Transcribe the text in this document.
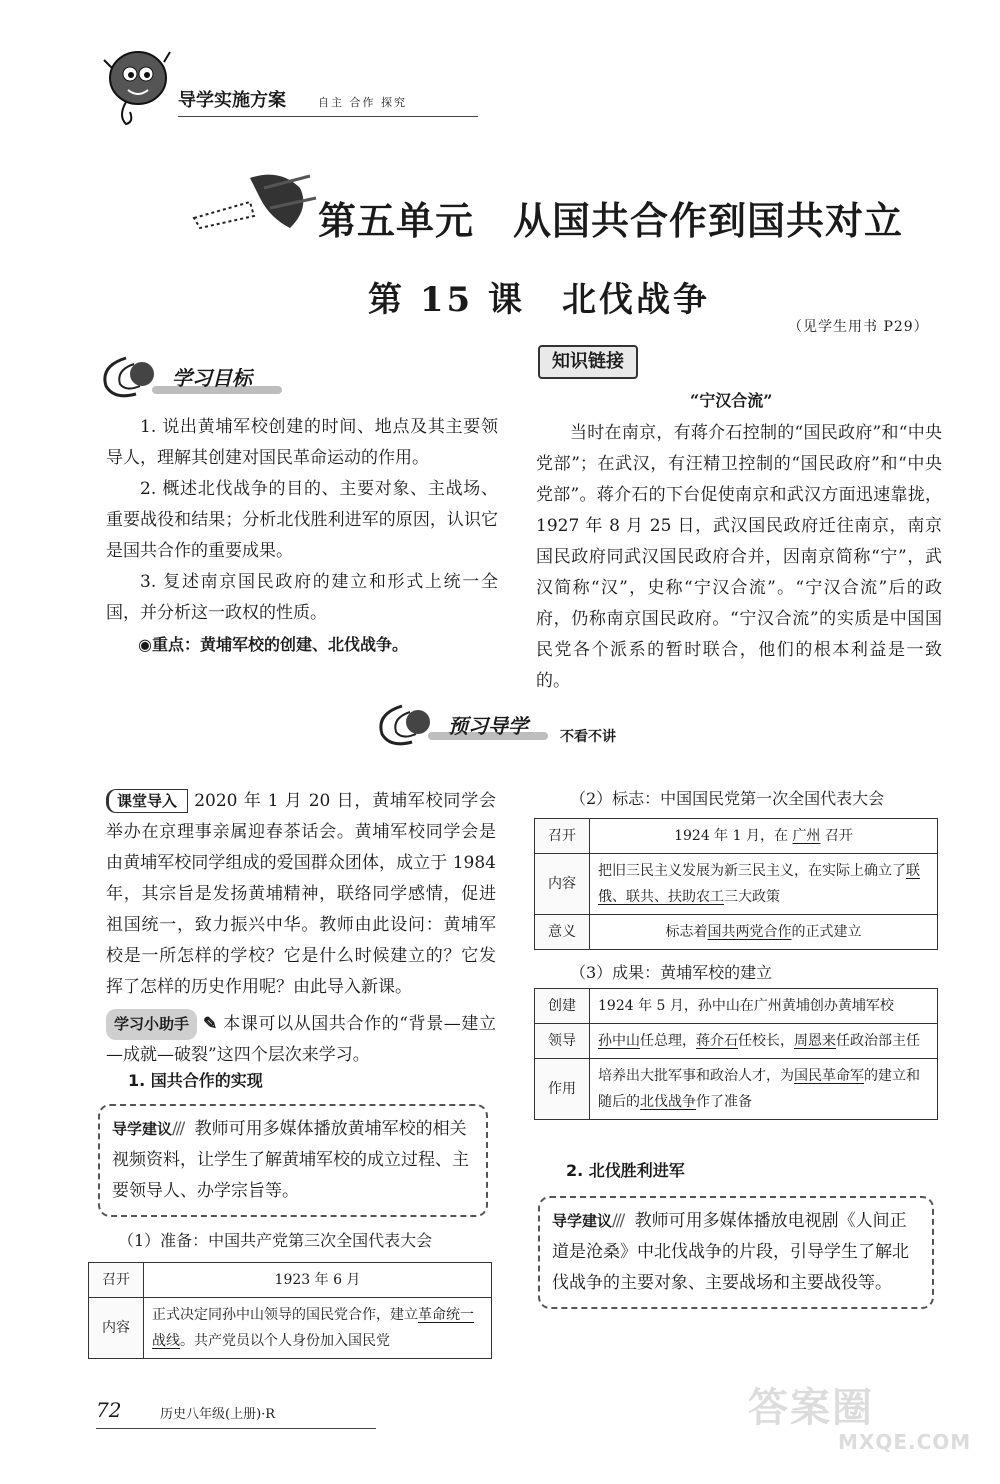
导学实施方案	自主 合作 探究
第五单元　从国共合作到国共对立
第 15 课　北伐战争
（见学生用书 P29）
学习目标

1. 说出黄埔军校创建的时间、地点及其主要领导人，理解其创建对国民革命运动的作用。

2. 概述北伐战争的目的、主要对象、主战场、重要战役和结果；分析北伐胜利进军的原因，认识它是国共合作的重要成果。

3. 复述南京国民政府的建立和形式上统一全国，并分析这一政权的性质。

◉重点：黄埔军校的创建、北伐战争。

知识链接
“宁汉合流”

当时在南京，有蒋介石控制的“国民政府”和“中央党部”；在武汉，有汪精卫控制的“国民政府”和“中央党部”。蒋介石的下台促使南京和武汉方面迅速靠拢，1927 年 8 月 25 日，武汉国民政府迁往南京，南京国民政府同武汉国民政府合并，因南京简称“宁”，武汉简称“汉”，史称“宁汉合流”。“宁汉合流”后的政府，仍称南京国民政府。“宁汉合流”的实质是中国国民党各个派系的暂时联合，他们的根本利益是一致的。

预习导学 不看不讲

课堂导入 2020 年 1 月 20 日，黄埔军校同学会举办在京理事亲属迎春茶话会。黄埔军校同学会是由黄埔军校同学组成的爱国群众团体，成立于 1984 年，其宗旨是发扬黄埔精神，联络同学感情，促进祖国统一，致力振兴中华。教师由此设问：黄埔军校是一所怎样的学校？它是什么时候建立的？它发挥了怎样的历史作用呢？由此导入新课。

学习小助手 ✎ 本课可以从国共合作的“背景—建立—成就—破裂”这四个层次来学习。

1. 国共合作的实现
导学建议/// 教师可用多媒体播放黄埔军校的相关视频资料，让学生了解黄埔军校的成立过程、主要领导人、办学宗旨等。
（1）准备：中国共产党第三次全国代表大会
召开	1923 年 6 月
内容	正式决定同孙中山领导的国民党合作，建立革命统一战线。共产党员以个人身份加入国民党
（2）标志：中国国民党第一次全国代表大会
召开	1924 年 1 月，在 广州 召开
内容	把旧三民主义发展为新三民主义，在实际上确立了联俄、联共、扶助农工三大政策
意义	标志着国共两党合作的正式建立
（3）成果：黄埔军校的建立
创建	1924 年 5 月，孙中山在广州黄埔创办黄埔军校
领导	孙中山任总理，蒋介石任校长，周恩来任政治部主任
作用	培养出大批军事和政治人才，为国民革命军的建立和随后的北伐战争作了准备
2. 北伐胜利进军
导学建议/// 教师可用多媒体播放电视剧《人间正道是沧桑》中北伐战争的片段，引导学生了解北伐战争的主要对象、主要战场和主要战役等。
72	历史八年级(上册)·R	答案圈
MXQE.COM
